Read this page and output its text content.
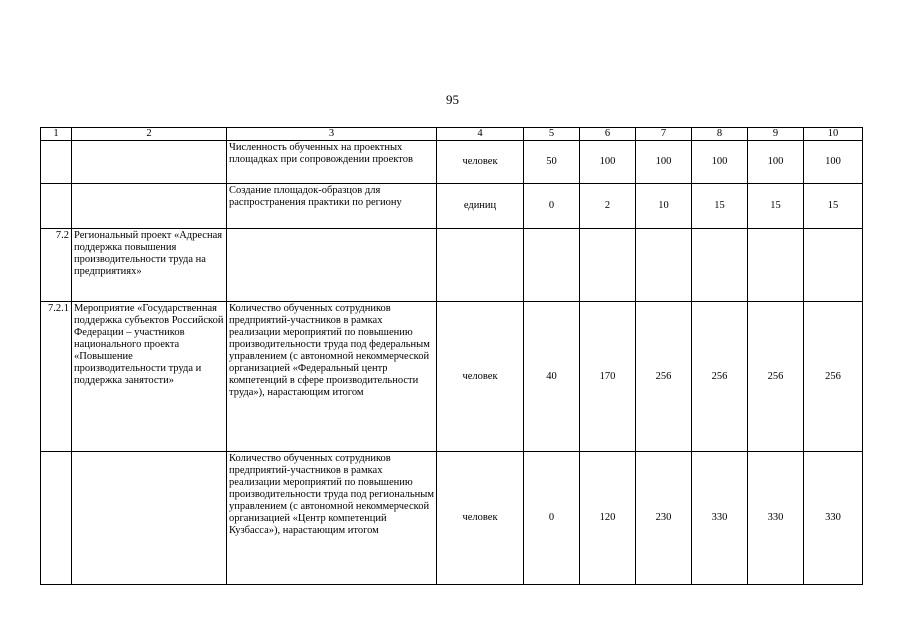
95
1	2	3	4	5	6	7	8	9	10
		Численность обученных на проектных площадках при сопровождении проектов	человек	50	100	100	100	100	100
		Создание площадок-образцов для распространения практики по региону	единиц	0	2	10	15	15	15
7.2	Региональный проект «Адресная поддержка повышения производительности труда на предприятиях»								
7.2.1	Мероприятие «Государственная поддержка субъектов Российской Федерации – участников национального проекта «Повышение производительности труда и поддержка занятости»	Количество обученных сотрудников предприятий-участников в рамках реализации мероприятий по повышению производительности труда под федеральным управлением (с автономной некоммерческой организацией «Федеральный центр компетенций в сфере производительности труда»), нарастающим итогом	человек	40	170	256	256	256	256
		Количество обученных сотрудников предприятий-участников в рамках реализации мероприятий по повышению производительности труда под региональным управлением (с автономной некоммерческой организацией «Центр компетенций Кузбасса»), нарастающим итогом	человек	0	120	230	330	330	330
